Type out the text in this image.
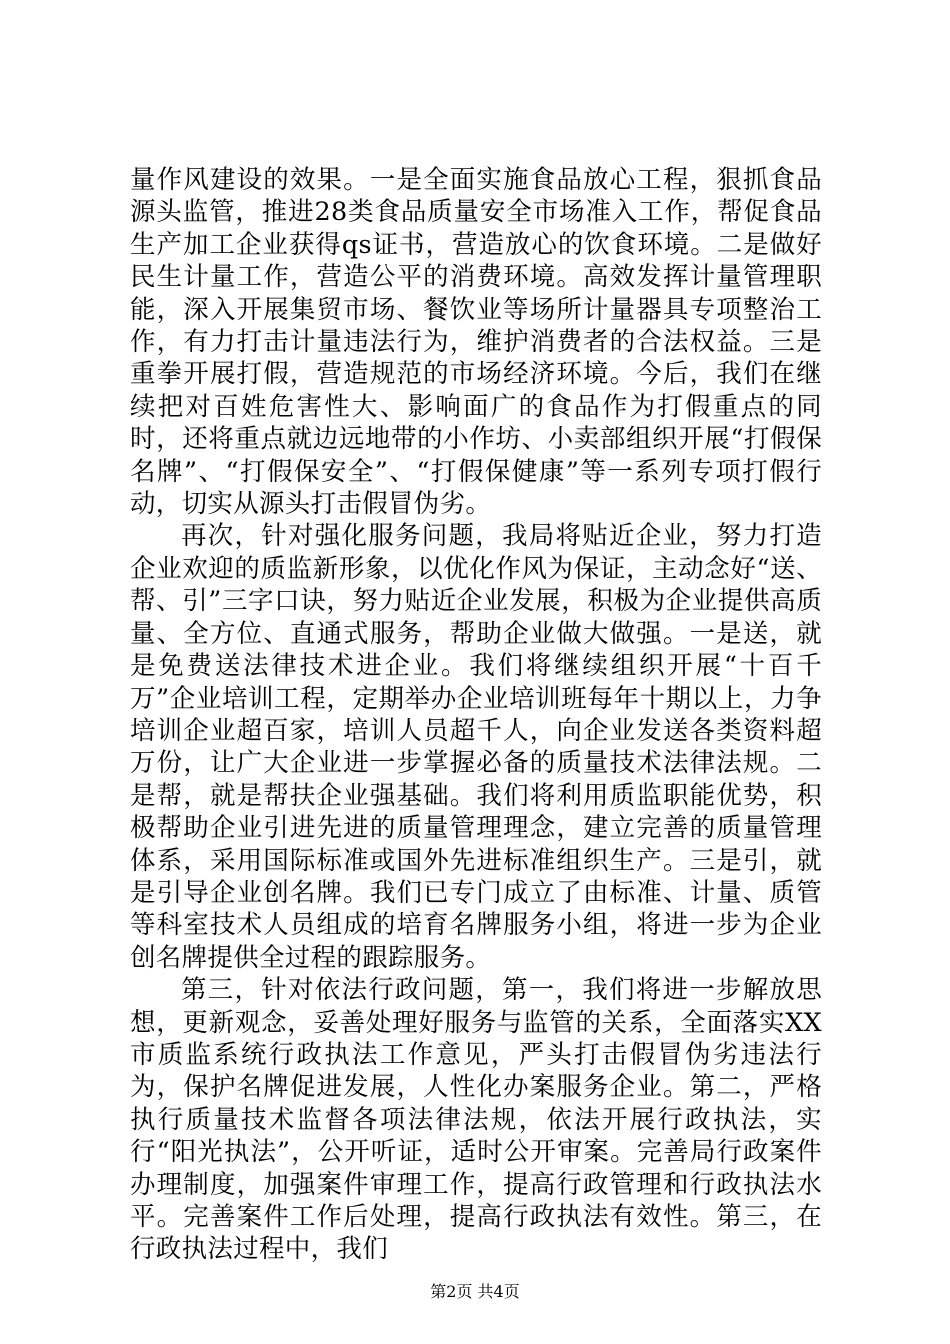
量作风建设的效果。一是全面实施食品放心工程，狠抓食品源头监管，推进28类食品质量安全市场准入工作，帮促食品生产加工企业获得qs证书，营造放心的饮食环境。二是做好民生计量工作，营造公平的消费环境。高效发挥计量管理职能，深入开展集贸市场、餐饮业等场所计量器具专项整治工作，有力打击计量违法行为，维护消费者的合法权益。三是重拳开展打假，营造规范的市场经济环境。今后，我们在继续把对百姓危害性大、影响面广的食品作为打假重点的同时，还将重点就边远地带的小作坊、小卖部组织开展“打假保名牌”、“打假保安全”、“打假保健康”等一系列专项打假行动，切实从源头打击假冒伪劣。

再次，针对强化服务问题，我局将贴近企业，努力打造企业欢迎的质监新形象，以优化作风为保证，主动念好“送、帮、引”三字口诀，努力贴近企业发展，积极为企业提供高质量、全方位、直通式服务，帮助企业做大做强。一是送，就是免费送法律技术进企业。我们将继续组织开展“十百千万”企业培训工程，定期举办企业培训班每年十期以上，力争培训企业超百家，培训人员超千人，向企业发送各类资料超万份，让广大企业进一步掌握必备的质量技术法律法规。二是帮，就是帮扶企业强基础。我们将利用质监职能优势，积极帮助企业引进先进的质量管理理念，建立完善的质量管理体系，采用国际标准或国外先进标准组织生产。三是引，就是引导企业创名牌。我们已专门成立了由标准、计量、质管等科室技术人员组成的培育名牌服务小组，将进一步为企业创名牌提供全过程的跟踪服务。

第三，针对依法行政问题，第一，我们将进一步解放思想，更新观念，妥善处理好服务与监管的关系，全面落实XX市质监系统行政执法工作意见，严头打击假冒伪劣违法行为，保护名牌促进发展，人性化办案服务企业。第二，严格执行质量技术监督各项法律法规，依法开展行政执法，实行“阳光执法”，公开听证，适时公开审案。完善局行政案件办理制度，加强案件审理工作，提高行政管理和行政执法水平。完善案件工作后处理，提高行政执法有效性。第三，在行政执法过程中，我们

第2页 共4页
